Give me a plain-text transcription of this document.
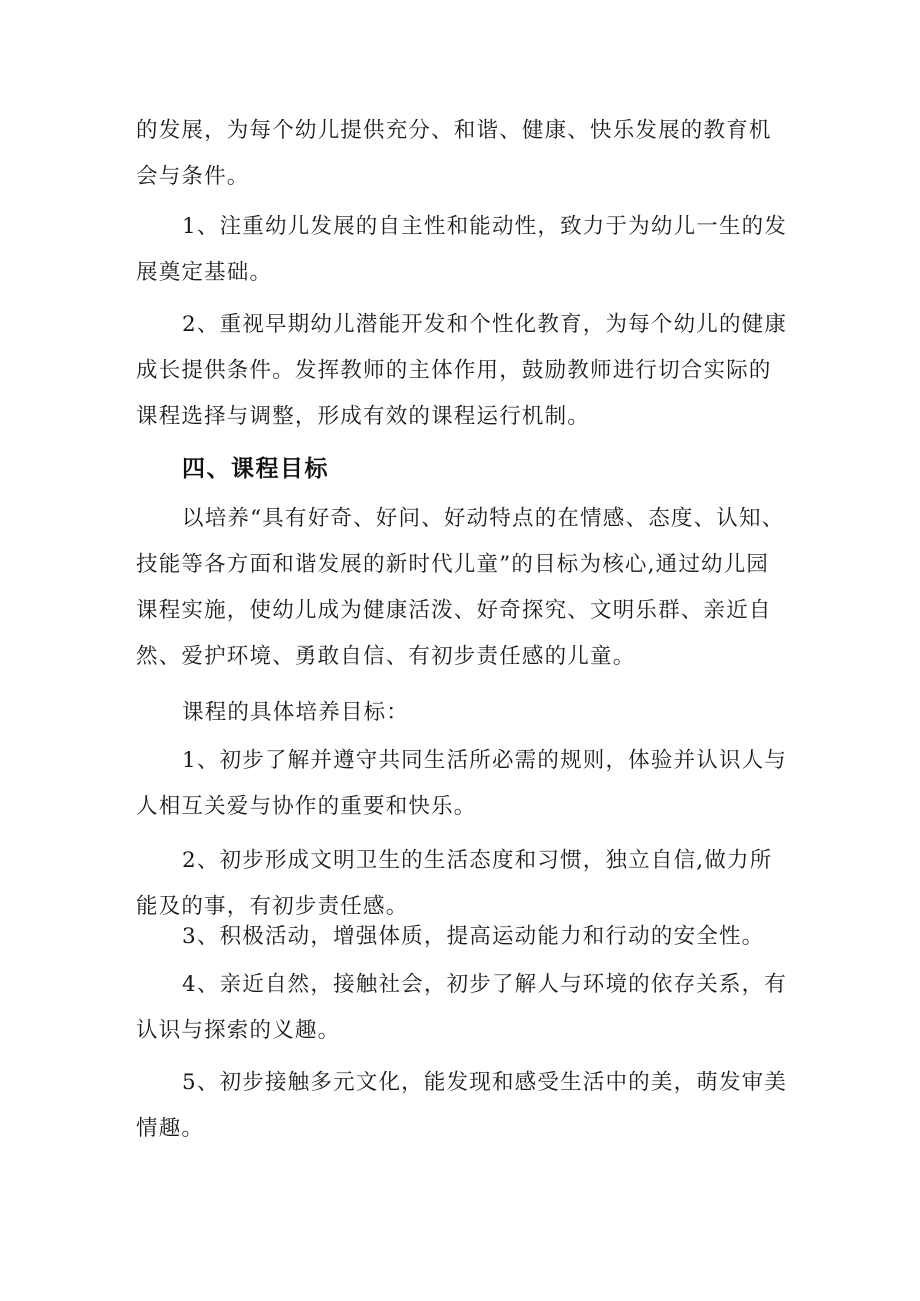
的发展，为每个幼儿提供充分、和谐、健康、快乐发展的教育机
会与条件。

1、注重幼儿发展的自主性和能动性，致力于为幼儿一生的发
展奠定基础。

2、重视早期幼儿潜能开发和个性化教育，为每个幼儿的健康
成长提供条件。发挥教师的主体作用，鼓励教师进行切合实际的
课程选择与调整，形成有效的课程运行机制。

四、课程目标

以培养“具有好奇、好问、好动特点的在情感、态度、认知、
技能等各方面和谐发展的新时代儿童”的目标为核心,通过幼儿园
课程实施，使幼儿成为健康活泼、好奇探究、文明乐群、亲近自
然、爱护环境、勇敢自信、有初步责任感的儿童。

课程的具体培养目标：

1、初步了解并遵守共同生活所必需的规则，体验并认识人与
人相互关爱与协作的重要和快乐。

2、初步形成文明卫生的生活态度和习惯，独立自信,做力所
能及的事，有初步责任感。

3、积极活动，增强体质，提高运动能力和行动的安全性。

4、亲近自然，接触社会，初步了解人与环境的依存关系，有
认识与探索的义趣。

5、初步接触多元文化，能发现和感受生活中的美，萌发审美
情趣。
